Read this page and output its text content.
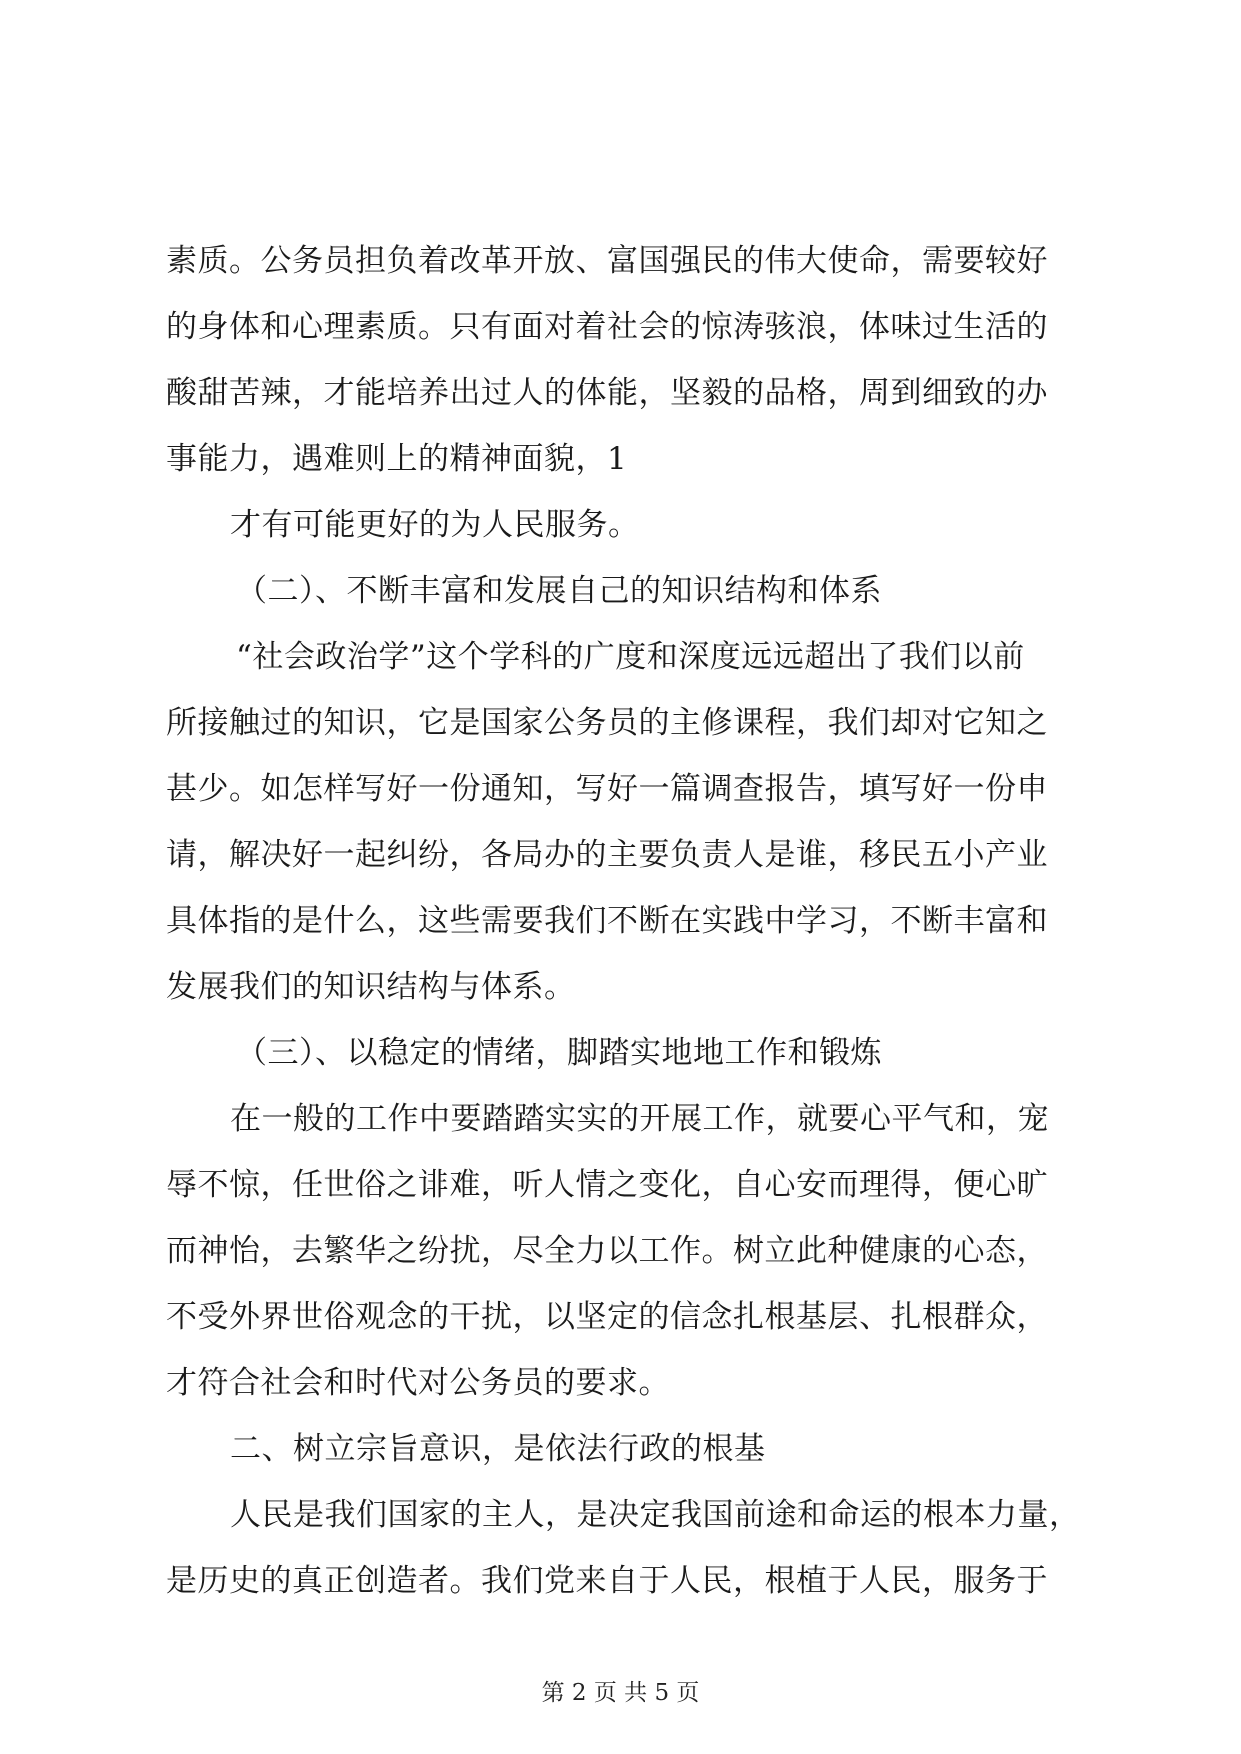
素质。公务员担负着改革开放、富国强民的伟大使命，需要较好
的身体和心理素质。只有面对着社会的惊涛骇浪，体味过生活的
酸甜苦辣，才能培养出过人的体能，坚毅的品格，周到细致的办
事能力，遇难则上的精神面貌，1
才有可能更好的为人民服务。
（二）、不断丰富和发展自己的知识结构和体系
“社会政治学”这个学科的广度和深度远远超出了我们以前
所接触过的知识，它是国家公务员的主修课程，我们却对它知之
甚少。如怎样写好一份通知，写好一篇调查报告，填写好一份申
请，解决好一起纠纷，各局办的主要负责人是谁，移民五小产业
具体指的是什么，这些需要我们不断在实践中学习，不断丰富和
发展我们的知识结构与体系。
（三）、以稳定的情绪，脚踏实地地工作和锻炼
在一般的工作中要踏踏实实的开展工作，就要心平气和，宠
辱不惊，任世俗之诽难，听人情之变化，自心安而理得，便心旷
而神怡，去繁华之纷扰，尽全力以工作。树立此种健康的心态，
不受外界世俗观念的干扰，以坚定的信念扎根基层、扎根群众，
才符合社会和时代对公务员的要求。
二、树立宗旨意识，是依法行政的根基
人民是我们国家的主人，是决定我国前途和命运的根本力量，
是历史的真正创造者。我们党来自于人民，根植于人民，服务于
第 2 页 共 5 页
